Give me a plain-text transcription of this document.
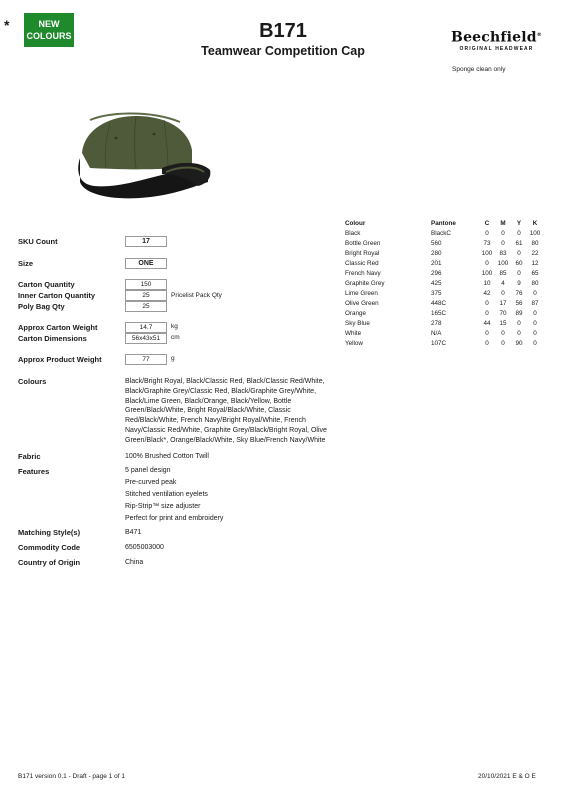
*	NEW
COLOURS	B171
Teamwear Competition Cap
Beechfield®
ORIGINAL HEADWEAR
Sponge clean only
Colour	Pantone	C	M	Y	K
Black	BlackC	0	0	0	100
Bottle Green	560	73	0	61	80
Bright Royal	280	100	83	0	22
Classic Red	201	0	100	60	12
French Navy	296	100	85	0	65
Graphite Grey	425	10	4	9	80
Lime Green	375	42	0	76	0
Olive Green	448C	0	17	56	87
Orange	165C	0	70	89	0
Sky Blue	278	44	15	0	0
White	N/A	0	0	0	0
Yellow	107C	0	0	90	0
SKU Count	17
Size	ONE
Carton Quantity	150
Inner Carton Quantity	25	Pricelist Pack Qty
Poly Bag Qty	25
Approx Carton Weight	14.7	kg
Carton Dimensions	56x43x51	cm
Approx Product Weight	77	g
Colours	Black/Bright Royal, Black/Classic Red, Black/Classic Red/White, Black/Graphite Grey/Classic Red, Black/Graphite Grey/White, Black/Lime Green, Black/Orange, Black/Yellow, Bottle Green/Black/White, Bright Royal/Black/White, Classic Red/Black/White, French Navy/Bright Royal/White, French Navy/Classic Red/White, Graphite Grey/Black/Bright Royal, Olive Green/Black*, Orange/Black/White, Sky Blue/French Navy/White
Fabric	100% Brushed Cotton Twill
Features	5 panel design
Pre-curved peak
Stitched ventilation eyelets
Rip-Strip™ size adjuster
Perfect for print and embroidery
Matching Style(s)	B471
Commodity Code	6505003000
Country of Origin	China
B171 version 0.1 - Draft - page 1 of 1	20/10/2021 E & O E
